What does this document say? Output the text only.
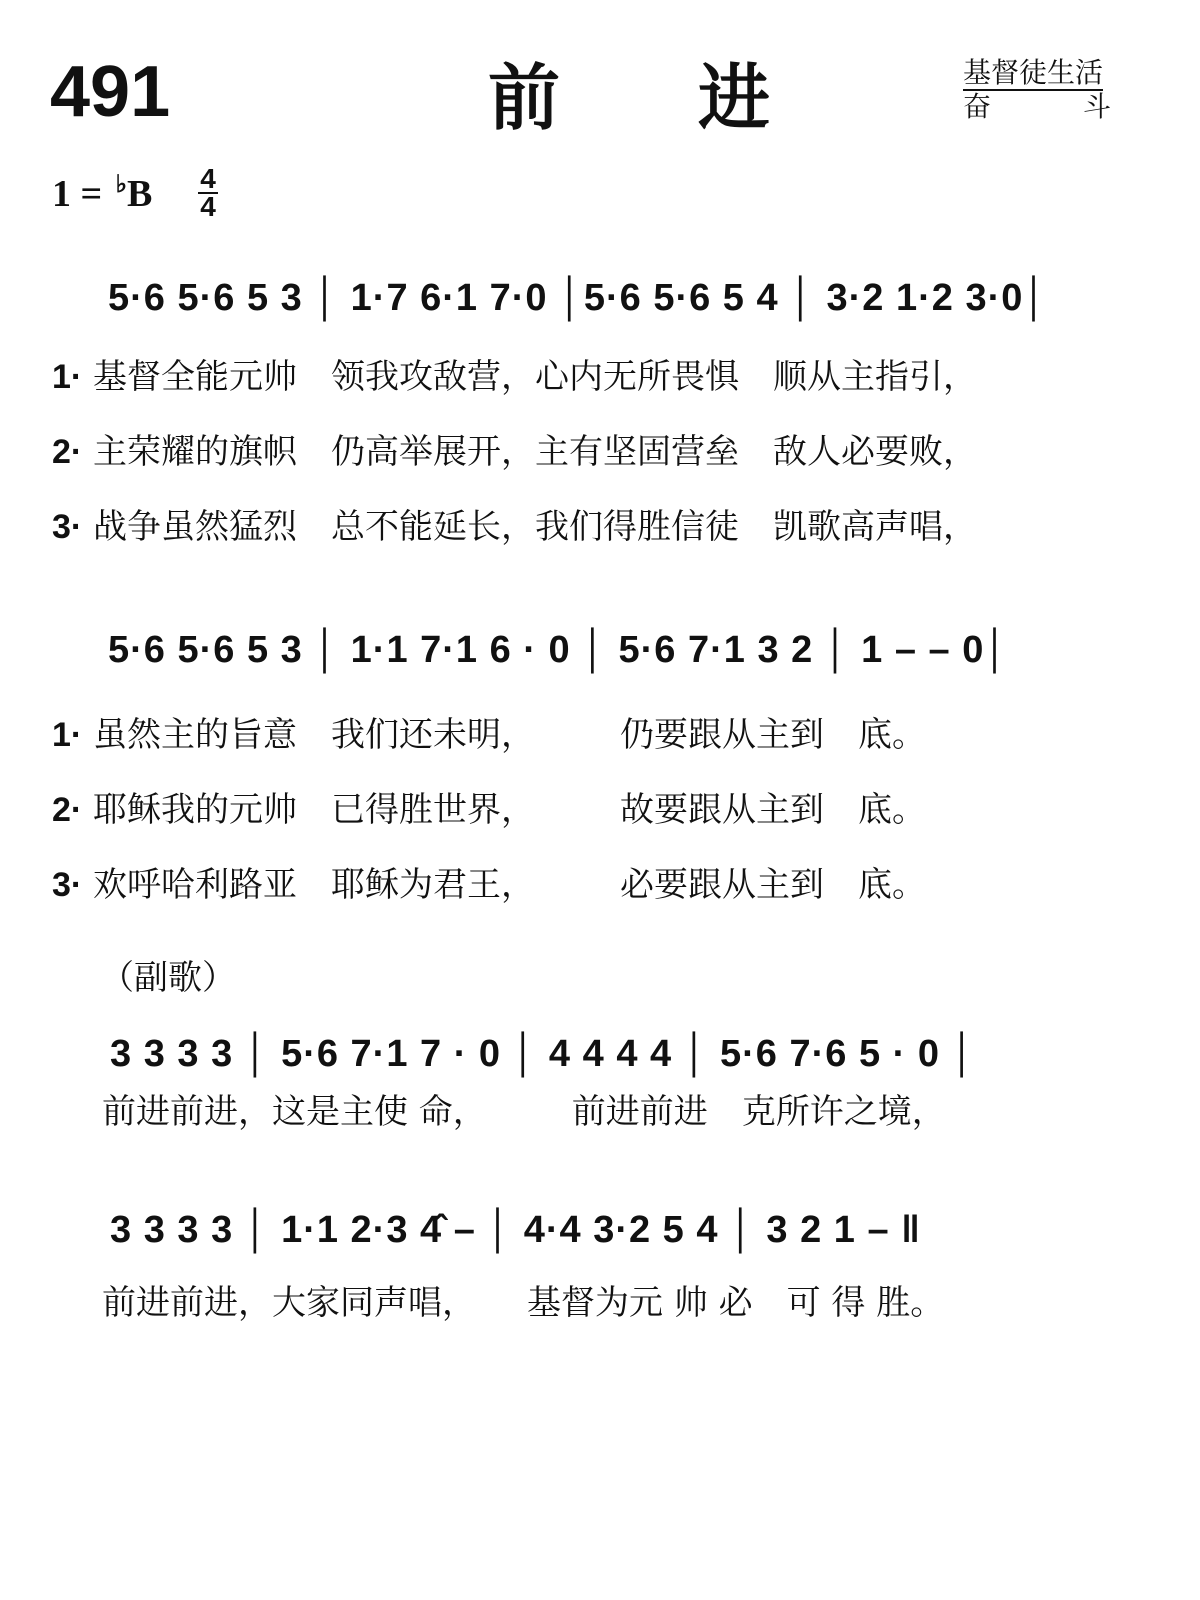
491	前 进	基督徒生活
奋	斗
1 = ♭B 4
4
5·6 5·6 5 3 │ 1·7 6·1 7·0 │5·6 5·6 5 4 │ 3·2 1·2 3·0│
1· 基督全能元帅　领我攻敌营，心内无所畏惧　顺从主指引，
2· 主荣耀的旗帜　仍高举展开，主有坚固营垒　敌人必要败，
3· 战争虽然猛烈　总不能延长，我们得胜信徒　凯歌高声唱，
5·6 5·6 5 3 │ 1·1 7·1 6 · 0 │ 5·6 7·1 3 2 │ 1 – – 0│
1· 虽然主的旨意　我们还未明，　　　仍要跟从主到　底。
2· 耶稣我的元帅　已得胜世界，　　　故要跟从主到　底。
3· 欢呼哈利路亚　耶稣为君王，　　　必要跟从主到　底。
（副歌）
3 3 3 3 │ 5·6 7·1 7 · 0 │ 4 4 4 4 │ 5·6 7·6 5 · 0 │
前进前进，这是主使 命，　　　前进前进　克所许之境，
3 3 3 3 │ 1·1 2·3 4̂ – │ 4·4 3·2 5 4 │ 3 2 1 – ‖
前进前进，大家同声唱，　　基督为元 帅 必　可 得 胜。
